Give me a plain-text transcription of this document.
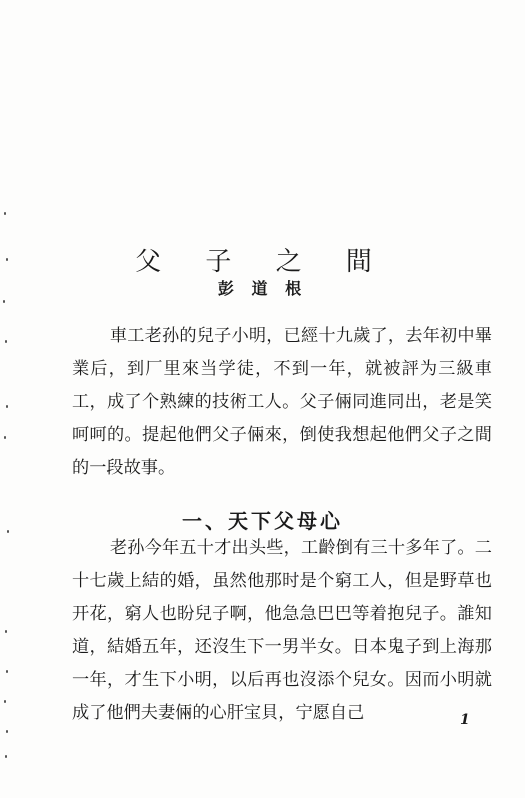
父 子 之 間
彭 道 根

車工老孙的兒子小明，已經十九歲了，去年初中畢業后，到厂里來当学徒，不到一年，就被評为三級車工，成了个熟練的技術工人。父子倆同進同出，老是笑呵呵的。提起他們父子倆來，倒使我想起他們父子之間的一段故事。

一、天下父母心

老孙今年五十才出头些，工齡倒有三十多年了。二十七歲上結的婚，虽然他那时是个窮工人，但是野草也开花，窮人也盼兒子啊，他急急巴巴等着抱兒子。誰知道，結婚五年，还沒生下一男半女。日本鬼子到上海那一年，才生下小明，以后再也沒添个兒女。因而小明就成了他們夫妻倆的心肝宝貝，宁愿自己	1
